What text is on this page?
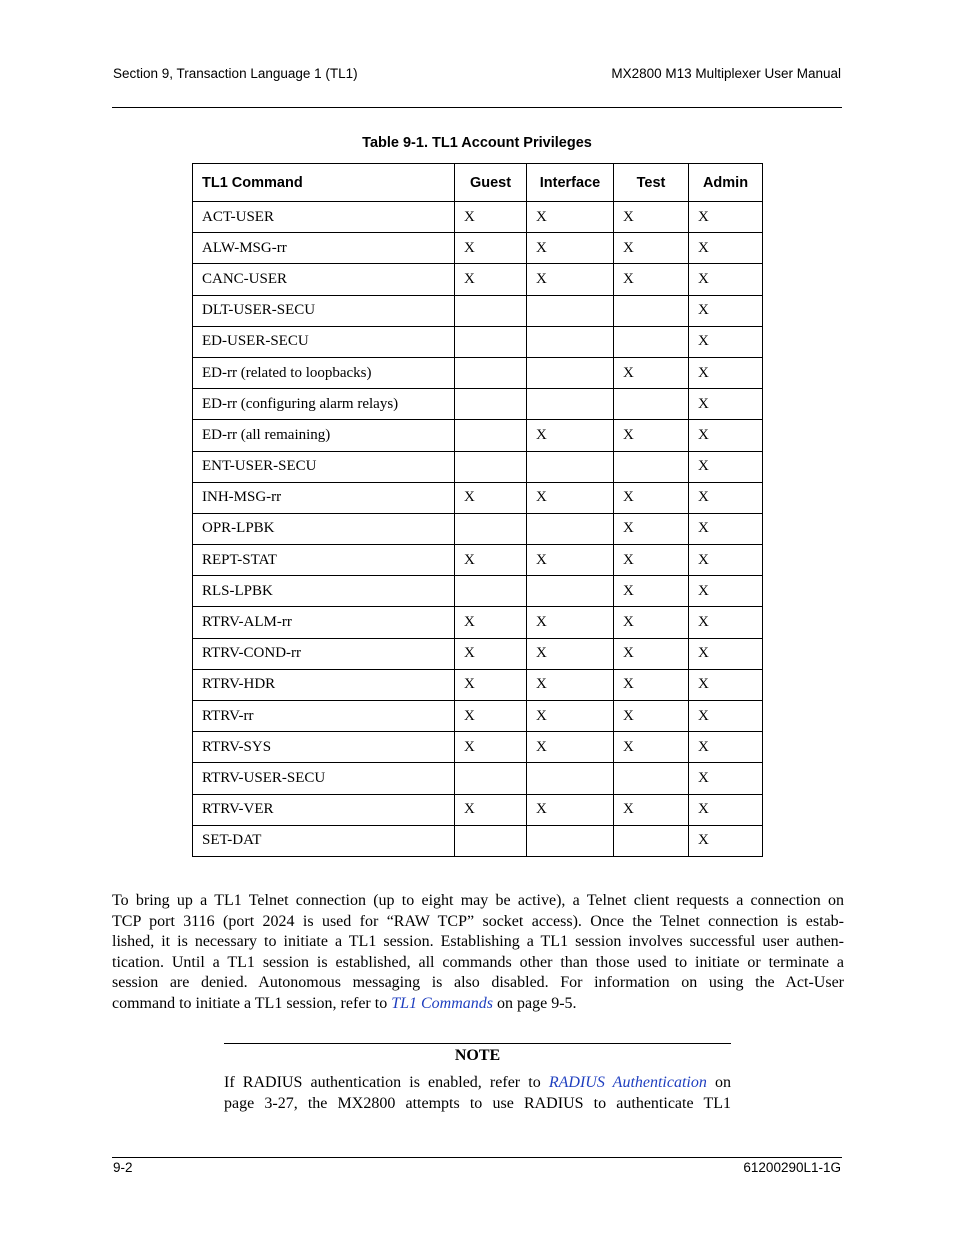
Section 9, Transaction Language 1 (TL1)	MX2800 M13 Multiplexer User Manual
Table 9-1. TL1 Account Privileges
TL1 Command	Guest	Interface	Test	Admin
ACT-USER	X	X	X	X
ALW-MSG-rr	X	X	X	X
CANC-USER	X	X	X	X
DLT-USER-SECU				X
ED-USER-SECU				X
ED-rr (related to loopbacks)			X	X
ED-rr (configuring alarm relays)				X
ED-rr (all remaining)		X	X	X
ENT-USER-SECU				X
INH-MSG-rr	X	X	X	X
OPR-LPBK			X	X
REPT-STAT	X	X	X	X
RLS-LPBK			X	X
RTRV-ALM-rr	X	X	X	X
RTRV-COND-rr	X	X	X	X
RTRV-HDR	X	X	X	X
RTRV-rr	X	X	X	X
RTRV-SYS	X	X	X	X
RTRV-USER-SECU				X
RTRV-VER	X	X	X	X
SET-DAT				X
To bring up a TL1 Telnet connection (up to eight may be active), a Telnet client requests a connection on
TCP port 3116 (port 2024 is used for “RAW TCP” socket access). Once the Telnet connection is estab-
lished, it is necessary to initiate a TL1 session. Establishing a TL1 session involves successful user authen-
tication. Until a TL1 session is established, all commands other than those used to initiate or terminate a
session are denied. Autonomous messaging is also disabled. For information on using the Act-User
command to initiate a TL1 session, refer to TL1 Commands on page 9-5.
NOTE
If RADIUS authentication is enabled, refer to RADIUS Authentication on
page 3-27, the MX2800 attempts to use RADIUS to authenticate TL1
9-2	61200290L1-1G
